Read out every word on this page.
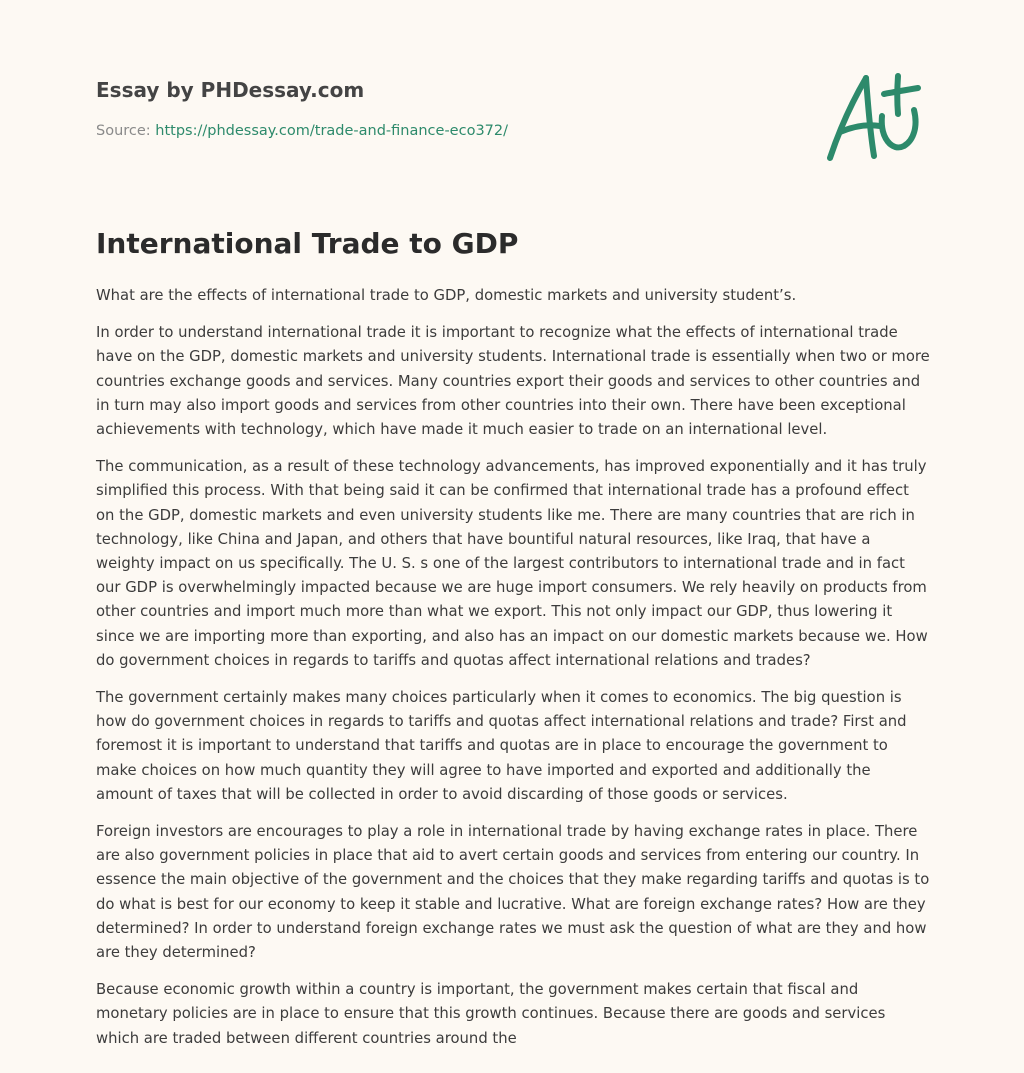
Essay by PHDessay.com
Source: https://phdessay.com/trade-and-finance-eco372/
International Trade to GDP

What are the effects of international trade to GDP, domestic markets and university student’s.

In order to understand international trade it is important to recognize what the effects of international trade have on the GDP, domestic markets and university students. International trade is essentially when two or more countries exchange goods and services. Many countries export their goods and services to other countries and in turn may also import goods and services from other countries into their own. There have been exceptional achievements with technology, which have made it much easier to trade on an international level.

The communication, as a result of these technology advancements, has improved exponentially and it has truly simplified this process. With that being said it can be confirmed that international trade has a profound effect on the GDP, domestic markets and even university students like me. There are many countries that are rich in technology, like China and Japan, and others that have bountiful natural resources, like Iraq, that have a weighty impact on us specifically. The U. S. s one of the largest contributors to international trade and in fact our GDP is overwhelmingly impacted because we are huge import consumers. We rely heavily on products from other countries and import much more than what we export. This not only impact our GDP, thus lowering it since we are importing more than exporting, and also has an impact on our domestic markets because we. How do government choices in regards to tariffs and quotas affect international relations and trades?

The government certainly makes many choices particularly when it comes to economics. The big question is how do government choices in regards to tariffs and quotas affect international relations and trade? First and foremost it is important to understand that tariffs and quotas are in place to encourage the government to make choices on how much quantity they will agree to have imported and exported and additionally the amount of taxes that will be collected in order to avoid discarding of those goods or services.

Foreign investors are encourages to play a role in international trade by having exchange rates in place. There are also government policies in place that aid to avert certain goods and services from entering our country. In essence the main objective of the government and the choices that they make regarding tariffs and quotas is to do what is best for our economy to keep it stable and lucrative. What are foreign exchange rates? How are they determined? In order to understand foreign exchange rates we must ask the question of what are they and how are they determined?

Because economic growth within a country is important, the government makes certain that fiscal and monetary policies are in place to ensure that this growth continues. Because there are goods and services which are traded between different countries around the
